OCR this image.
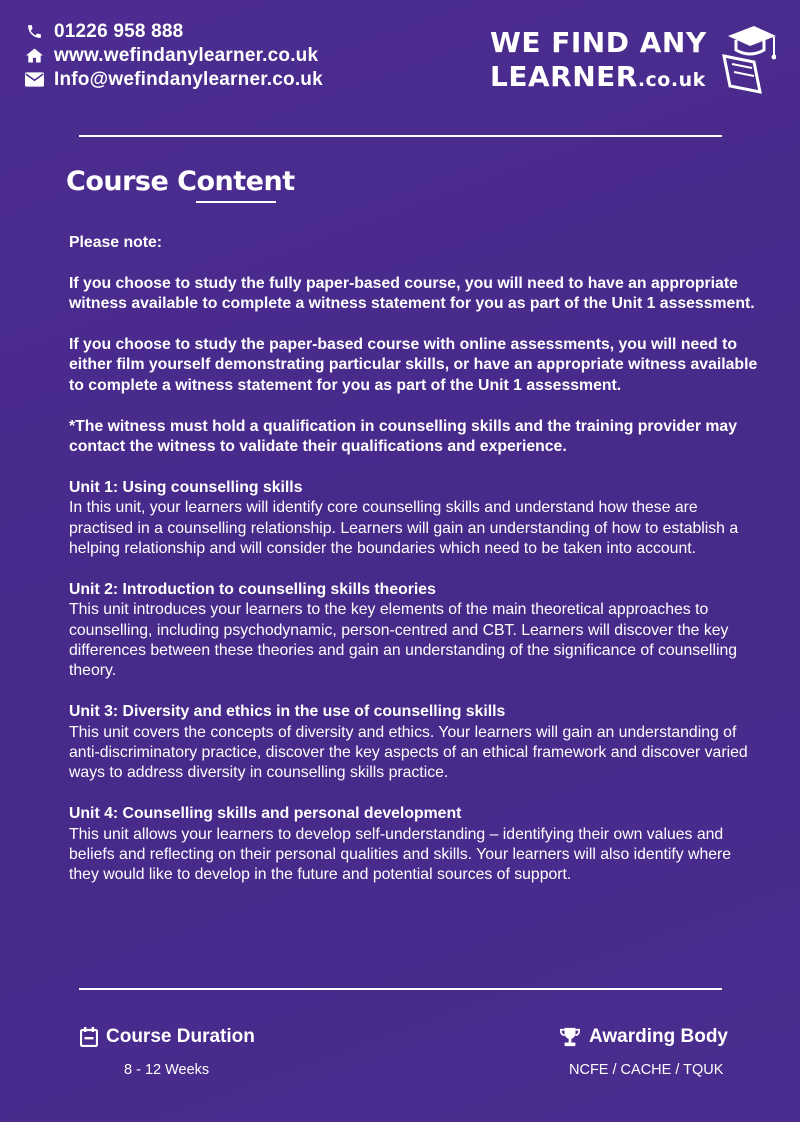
01226 958 888
www.wefindanylearner.co.uk
Info@wefindanylearner.co.uk
WE FIND ANY
LEARNER.co.uk
Course Content

Please note:

If you choose to study the fully paper-based course, you will need to have an appropriate witness available to complete a witness statement for you as part of the Unit 1 assessment.

If you choose to study the paper-based course with online assessments, you will need to either film yourself demonstrating particular skills, or have an appropriate witness available to complete a witness statement for you as part of the Unit 1 assessment.

*The witness must hold a qualification in counselling skills and the training provider may contact the witness to validate their qualifications and experience.

Unit 1: Using counselling skills
In this unit, your learners will identify core counselling skills and understand how these are practised in a counselling relationship. Learners will gain an understanding of how to establish a helping relationship and will consider the boundaries which need to be taken into account.

Unit 2: Introduction to counselling skills theories
This unit introduces your learners to the key elements of the main theoretical approaches to counselling, including psychodynamic, person-centred and CBT. Learners will discover the key differences between these theories and gain an understanding of the significance of counselling theory.

Unit 3: Diversity and ethics in the use of counselling skills
This unit covers the concepts of diversity and ethics. Your learners will gain an understanding of anti-discriminatory practice, discover the key aspects of an ethical framework and discover varied ways to address diversity in counselling skills practice.

Unit 4: Counselling skills and personal development
This unit allows your learners to develop self-understanding – identifying their own values and beliefs and reflecting on their personal qualities and skills. Your learners will also identify where they would like to develop in the future and potential sources of support.

Course Duration
8 - 12 Weeks
Awarding Body
NCFE / CACHE / TQUK
